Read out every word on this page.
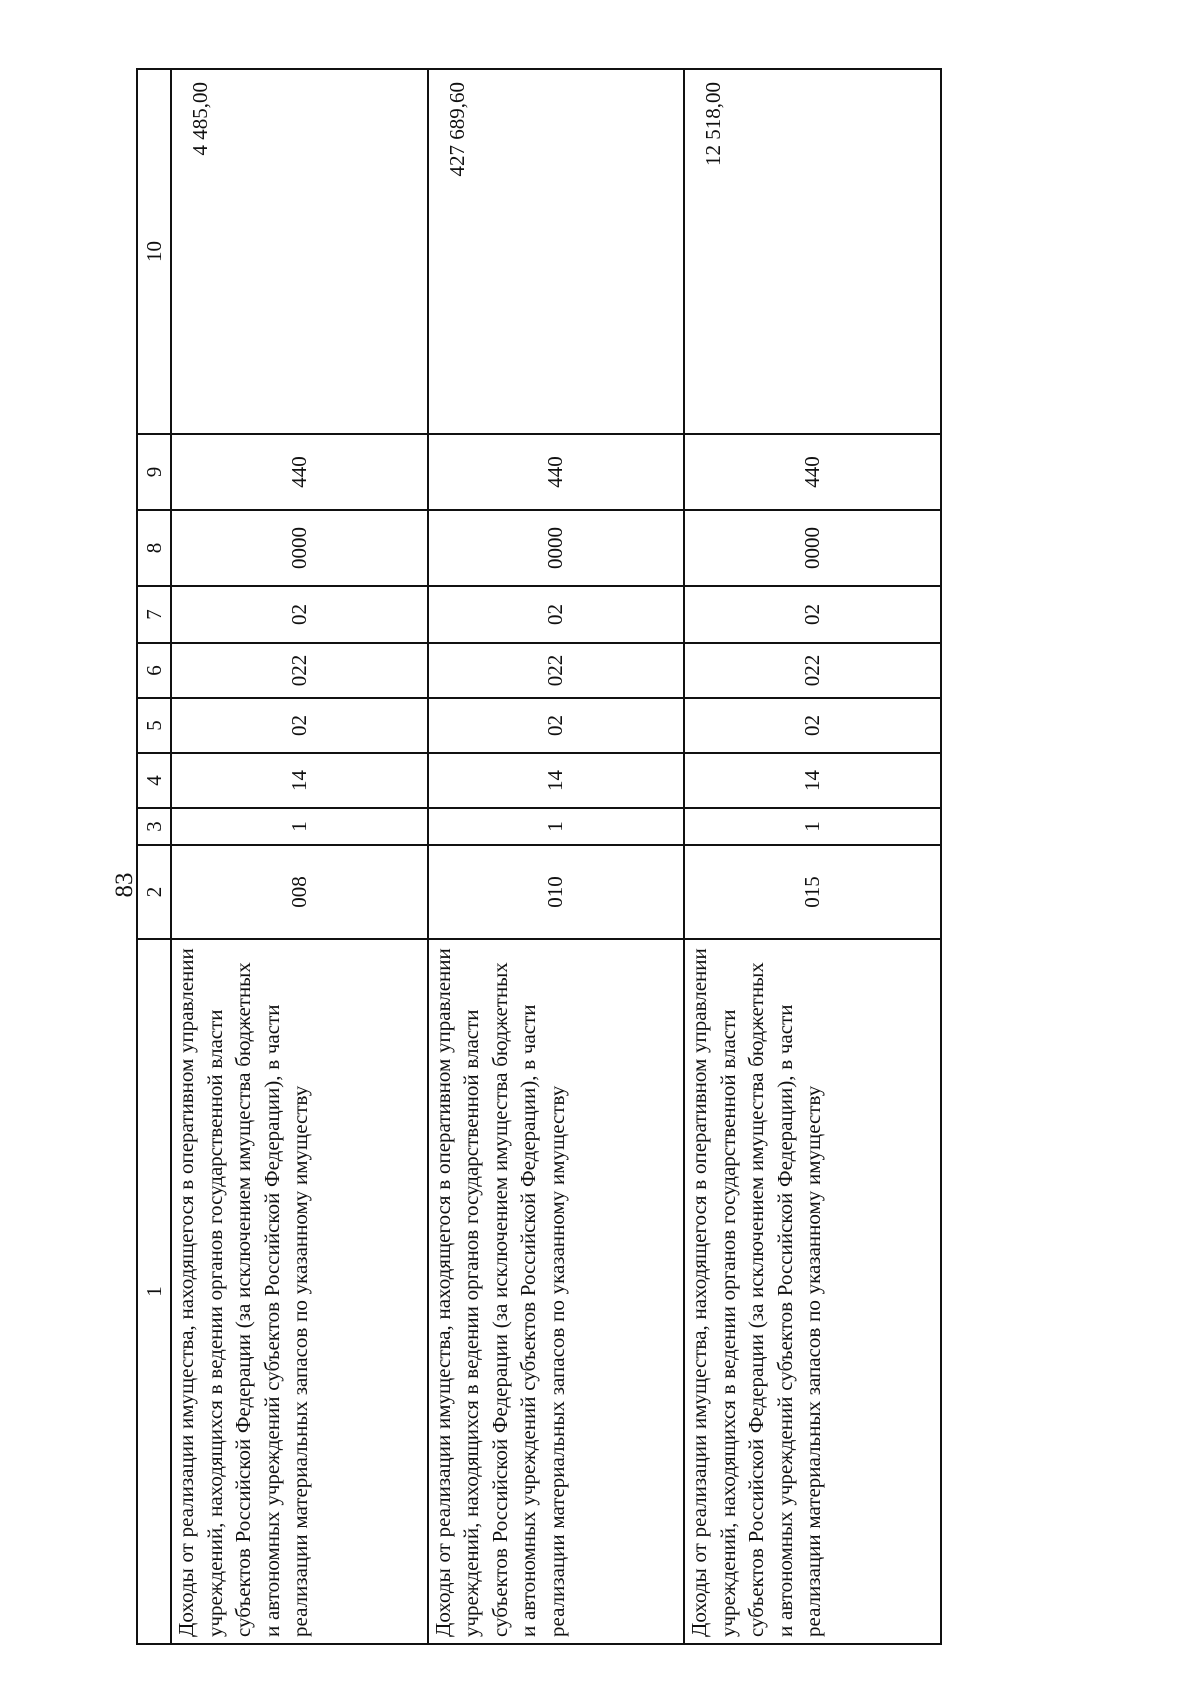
83
1	2	3	4	5	6	7	8	9	10
Доходы от реализации имущества, находящегося в оперативном управлении учреждений, находящихся в ведении органов государственной власти субъектов Российской Федерации (за исключением имущества бюджетных и автономных учреждений субъектов Российской Федерации), в части реализации материальных запасов по указанному имуществу	008	1	14	02	022	02	0000	440	4 485,00
Доходы от реализации имущества, находящегося в оперативном управлении учреждений, находящихся в ведении органов государственной власти субъектов Российской Федерации (за исключением имущества бюджетных и автономных учреждений субъектов Российской Федерации), в части реализации материальных запасов по указанному имуществу	010	1	14	02	022	02	0000	440	427 689,60
Доходы от реализации имущества, находящегося в оперативном управлении учреждений, находящихся в ведении органов государственной власти субъектов Российской Федерации (за исключением имущества бюджетных и автономных учреждений субъектов Российской Федерации), в части реализации материальных запасов по указанному имуществу	015	1	14	02	022	02	0000	440	12 518,00
